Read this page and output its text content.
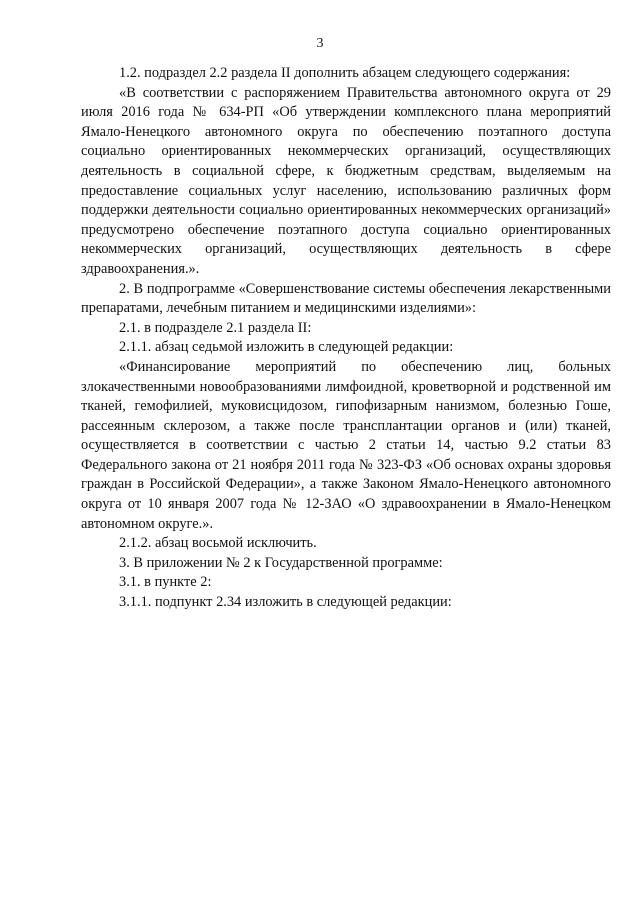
3

1.2. подраздел 2.2 раздела II дополнить абзацем следующего содержания:

«В соответствии с распоряжением Правительства автономного округа от 29 июля 2016 года № 634-РП «Об утверждении комплексного плана мероприятий Ямало-Ненецкого автономного округа по обеспечению поэтапного доступа социально ориентированных некоммерческих организаций, осуществляющих деятельность в социальной сфере, к бюджетным средствам, выделяемым на предоставление социальных услуг населению, использованию различных форм поддержки деятельности социально ориентированных некоммерческих организаций» предусмотрено обеспечение поэтапного доступа социально ориентированных некоммерческих организаций, осуществляющих деятельность в сфере здравоохранения.».

2. В подпрограмме «Совершенствование системы обеспечения лекарственными препаратами, лечебным питанием и медицинскими изделиями»:

2.1. в подразделе 2.1 раздела II:

2.1.1. абзац седьмой изложить в следующей редакции:

«Финансирование мероприятий по обеспечению лиц, больных злокачественными новообразованиями лимфоидной, кроветворной и родственной им тканей, гемофилией, муковисцидозом, гипофизарным нанизмом, болезнью Гоше, рассеянным склерозом, а также после трансплантации органов и (или) тканей, осуществляется в соответствии с частью 2 статьи 14, частью 9.2 статьи 83 Федерального закона от 21 ноября 2011 года № 323-ФЗ «Об основах охраны здоровья граждан в Российской Федерации», а также Законом Ямало-Ненецкого автономного округа от 10 января 2007 года № 12-ЗАО «О здравоохранении в Ямало-Ненецком автономном округе.».

2.1.2. абзац восьмой исключить.

3. В приложении № 2 к Государственной программе:

3.1. в пункте 2:

3.1.1. подпункт 2.34 изложить в следующей редакции:
